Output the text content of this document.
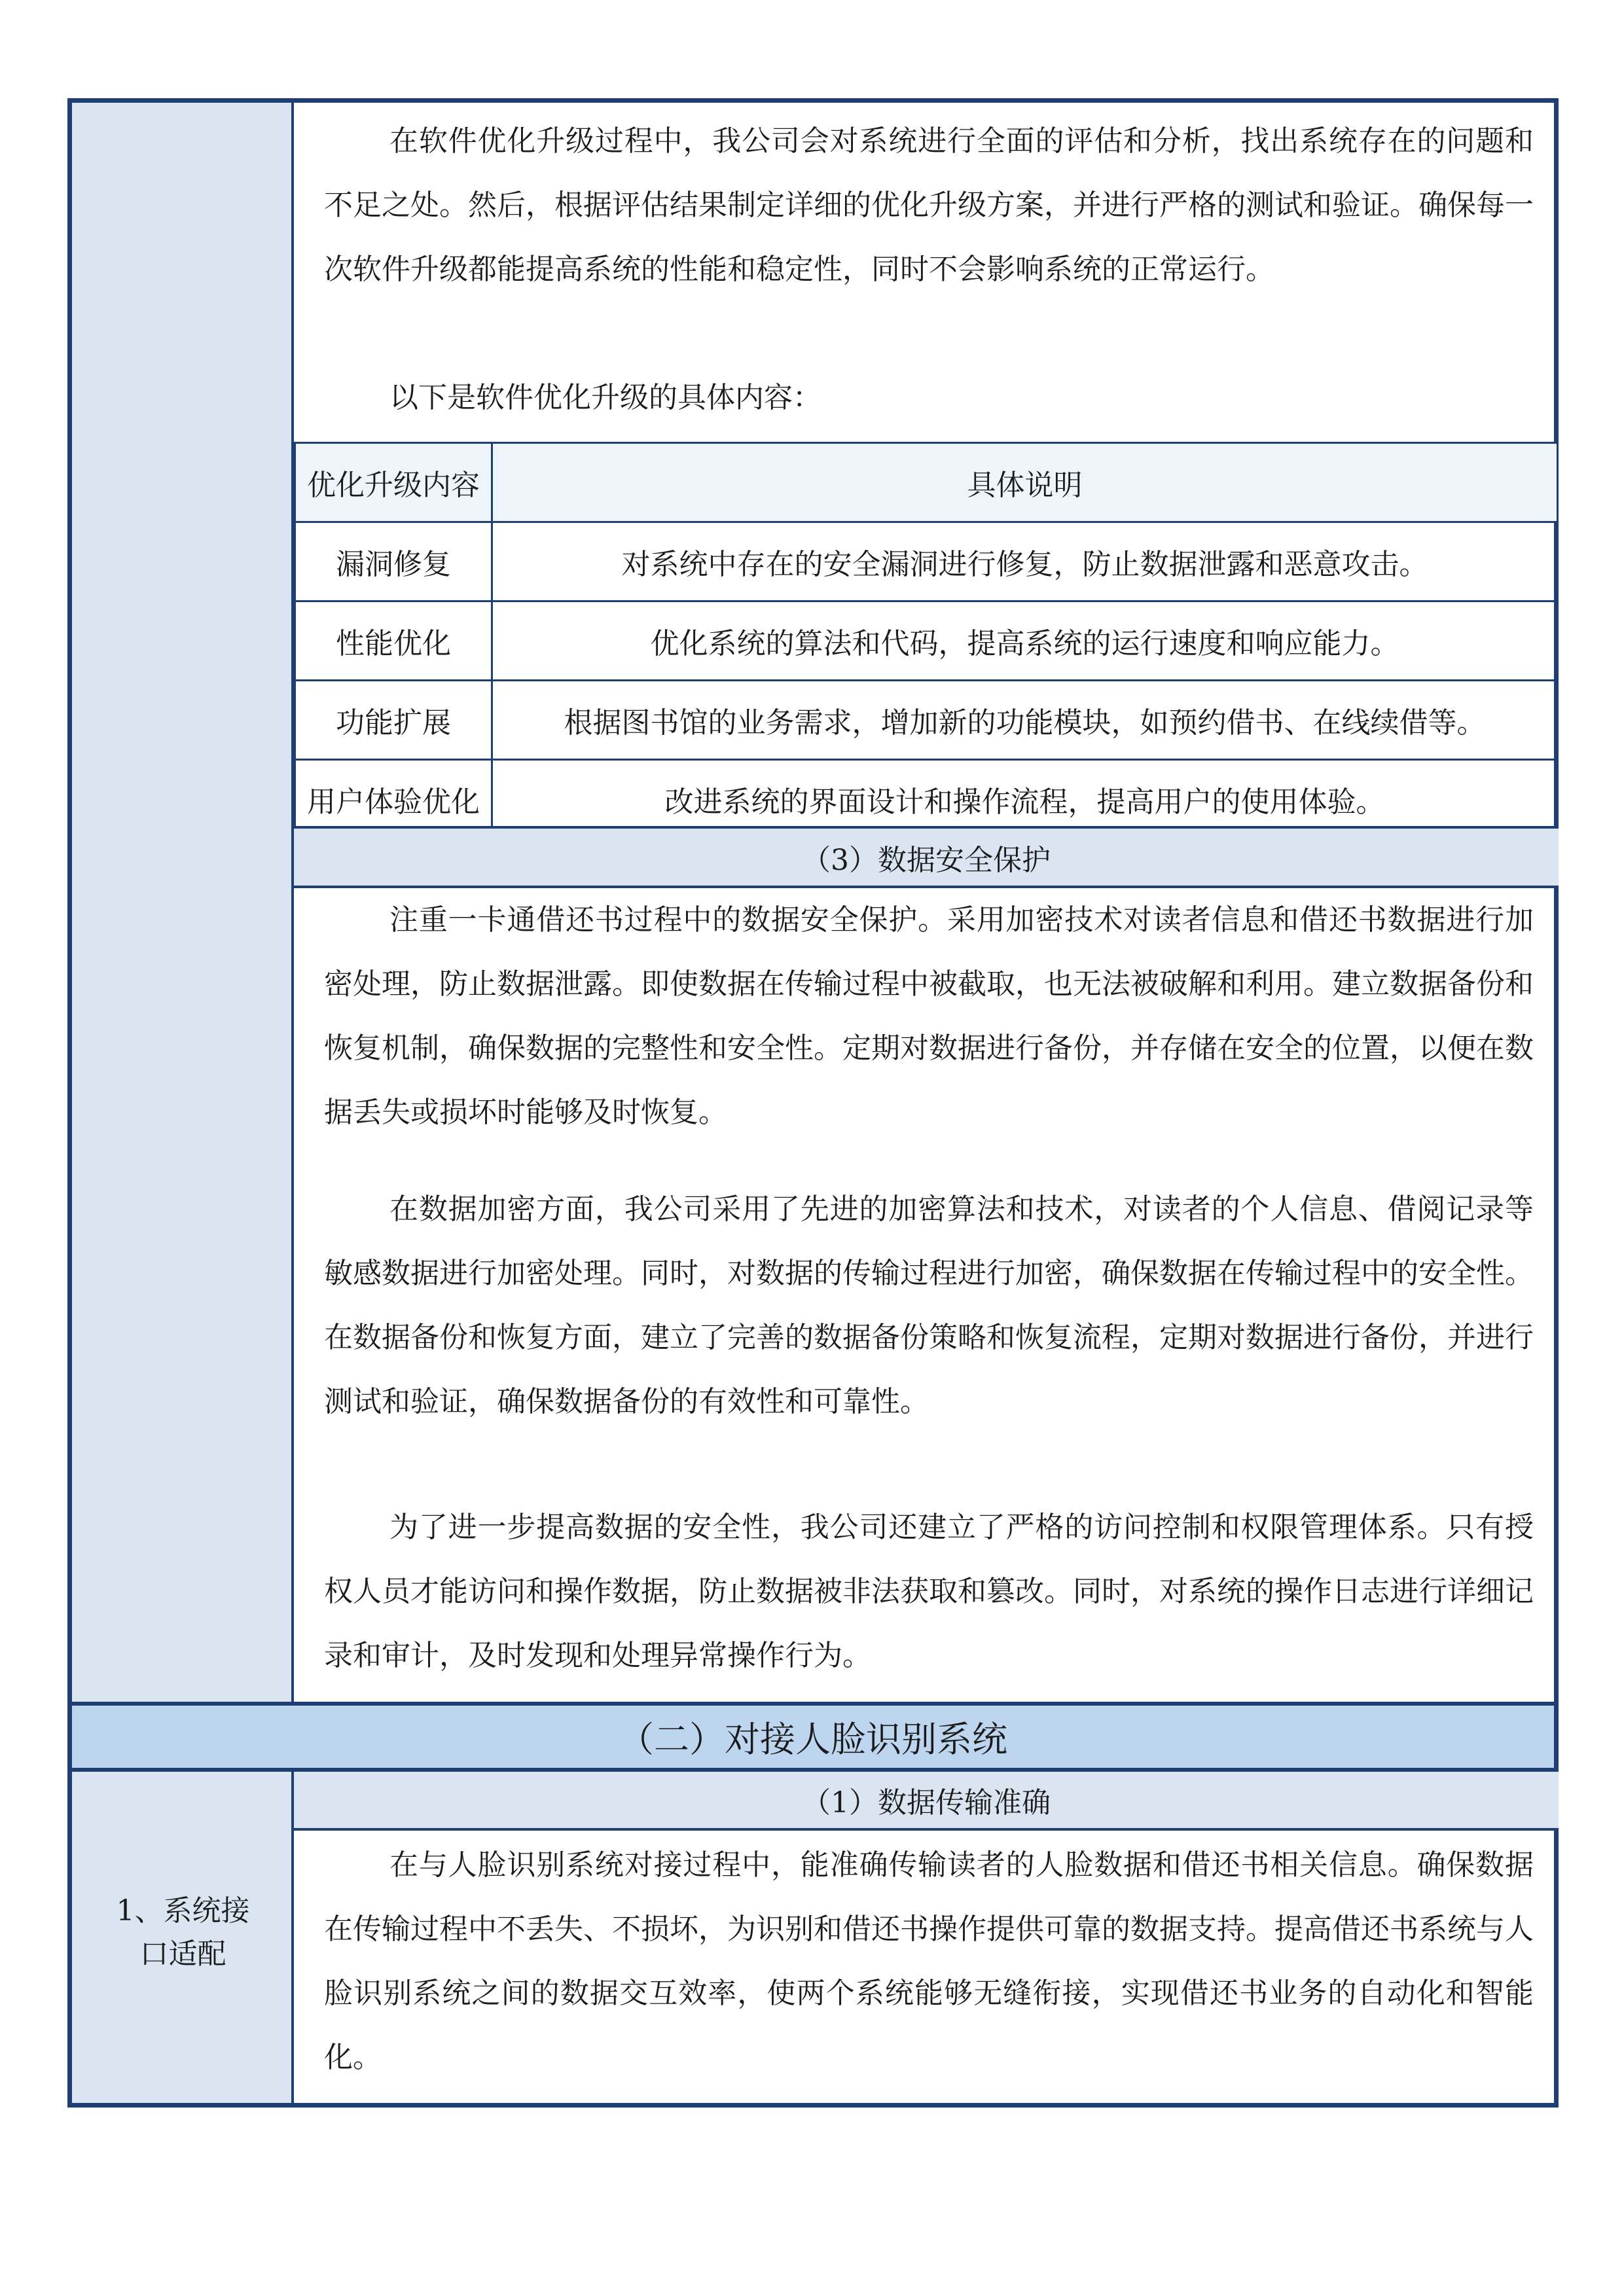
在软件优化升级过程中，我公司会对系统进行全面的评估和分析，找出系统存在的问题和不足之处。然后，根据评估结果制定详细的优化升级方案，并进行严格的测试和验证。确保每一次软件升级都能提高系统的性能和稳定性，同时不会影响系统的正常运行。

以下是软件优化升级的具体内容：

优化升级内容	具体说明
漏洞修复	对系统中存在的安全漏洞进行修复，防止数据泄露和恶意攻击。
性能优化	优化系统的算法和代码，提高系统的运行速度和响应能力。
功能扩展	根据图书馆的业务需求，增加新的功能模块，如预约借书、在线续借等。
用户体验优化	改进系统的界面设计和操作流程，提高用户的使用体验。
（3）数据安全保护

注重一卡通借还书过程中的数据安全保护。采用加密技术对读者信息和借还书数据进行加密处理，防止数据泄露。即使数据在传输过程中被截取，也无法被破解和利用。建立数据备份和恢复机制，确保数据的完整性和安全性。定期对数据进行备份，并存储在安全的位置，以便在数据丢失或损坏时能够及时恢复。

在数据加密方面，我公司采用了先进的加密算法和技术，对读者的个人信息、借阅记录等敏感数据进行加密处理。同时，对数据的传输过程进行加密，确保数据在传输过程中的安全性。在数据备份和恢复方面，建立了完善的数据备份策略和恢复流程，定期对数据进行备份，并进行测试和验证，确保数据备份的有效性和可靠性。

为了进一步提高数据的安全性，我公司还建立了严格的访问控制和权限管理体系。只有授权人员才能访问和操作数据，防止数据被非法获取和篡改。同时，对系统的操作日志进行详细记录和审计，及时发现和处理异常操作行为。

（二）对接人脸识别系统
1、系统接
口适配
（1）数据传输准确

在与人脸识别系统对接过程中，能准确传输读者的人脸数据和借还书相关信息。确保数据在传输过程中不丢失、不损坏，为识别和借还书操作提供可靠的数据支持。提高借还书系统与人脸识别系统之间的数据交互效率，使两个系统能够无缝衔接，实现借还书业务的自动化和智能化。
